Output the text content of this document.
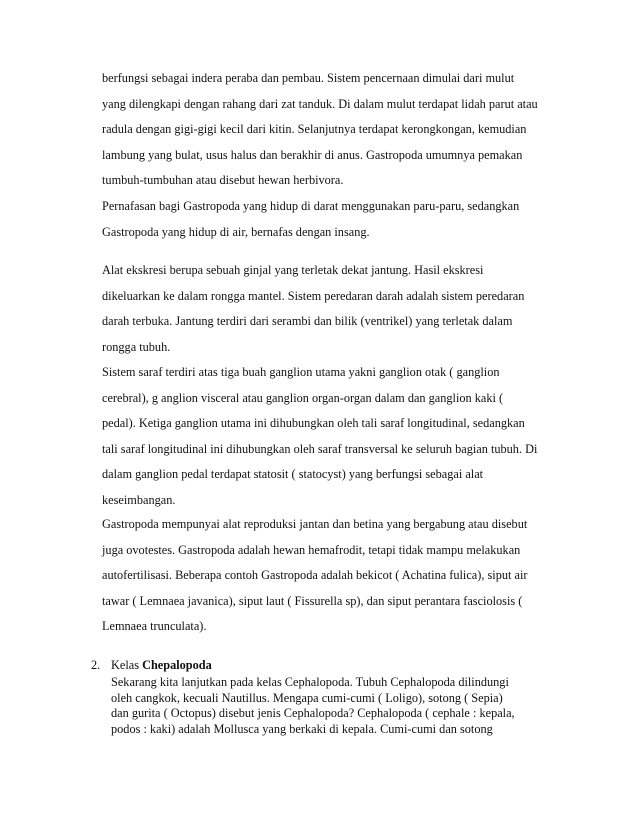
berfungsi sebagai indera peraba dan pembau. Sistem pencernaan dimulai dari mulut
yang dilengkapi dengan rahang dari zat tanduk. Di dalam mulut terdapat lidah parut atau
radula dengan gigi-gigi kecil dari kitin. Selanjutnya terdapat kerongkongan, kemudian
lambung yang bulat, usus halus dan berakhir di anus. Gastropoda umumnya pemakan
tumbuh-tumbuhan atau disebut hewan herbivora.
Pernafasan bagi Gastropoda yang hidup di darat menggunakan paru-paru, sedangkan
Gastropoda yang hidup di air, bernafas dengan insang.
Alat ekskresi berupa sebuah ginjal yang terletak dekat jantung. Hasil ekskresi
dikeluarkan ke dalam rongga mantel. Sistem peredaran darah adalah sistem peredaran
darah terbuka. Jantung terdiri dari serambi dan bilik (ventrikel) yang terletak dalam
rongga tubuh.
Sistem saraf terdiri atas tiga buah ganglion utama yakni ganglion otak ( ganglion
cerebral), g anglion visceral atau ganglion organ-organ dalam dan ganglion kaki (
pedal). Ketiga ganglion utama ini dihubungkan oleh tali saraf longitudinal, sedangkan
tali saraf longitudinal ini dihubungkan oleh saraf transversal ke seluruh bagian tubuh. Di
dalam ganglion pedal terdapat statosit ( statocyst) yang berfungsi sebagai alat
keseimbangan.
Gastropoda mempunyai alat reproduksi jantan dan betina yang bergabung atau disebut
juga ovotestes. Gastropoda adalah hewan hemafrodit, tetapi tidak mampu melakukan
autofertilisasi. Beberapa contoh Gastropoda adalah bekicot ( Achatina fulica), siput air
tawar ( Lemnaea javanica), siput laut ( Fissurella sp), dan siput perantara fasciolosis (
Lemnaea trunculata).
2. Kelas Chepalopoda
Sekarang kita lanjutkan pada kelas Cephalopoda. Tubuh Cephalopoda dilindungi
oleh cangkok, kecuali Nautillus. Mengapa cumi-cumi ( Loligo), sotong ( Sepia)
dan gurita ( Octopus) disebut jenis Cephalopoda? Cephalopoda ( cephale : kepala,
podos : kaki) adalah Mollusca yang berkaki di kepala. Cumi-cumi dan sotong
